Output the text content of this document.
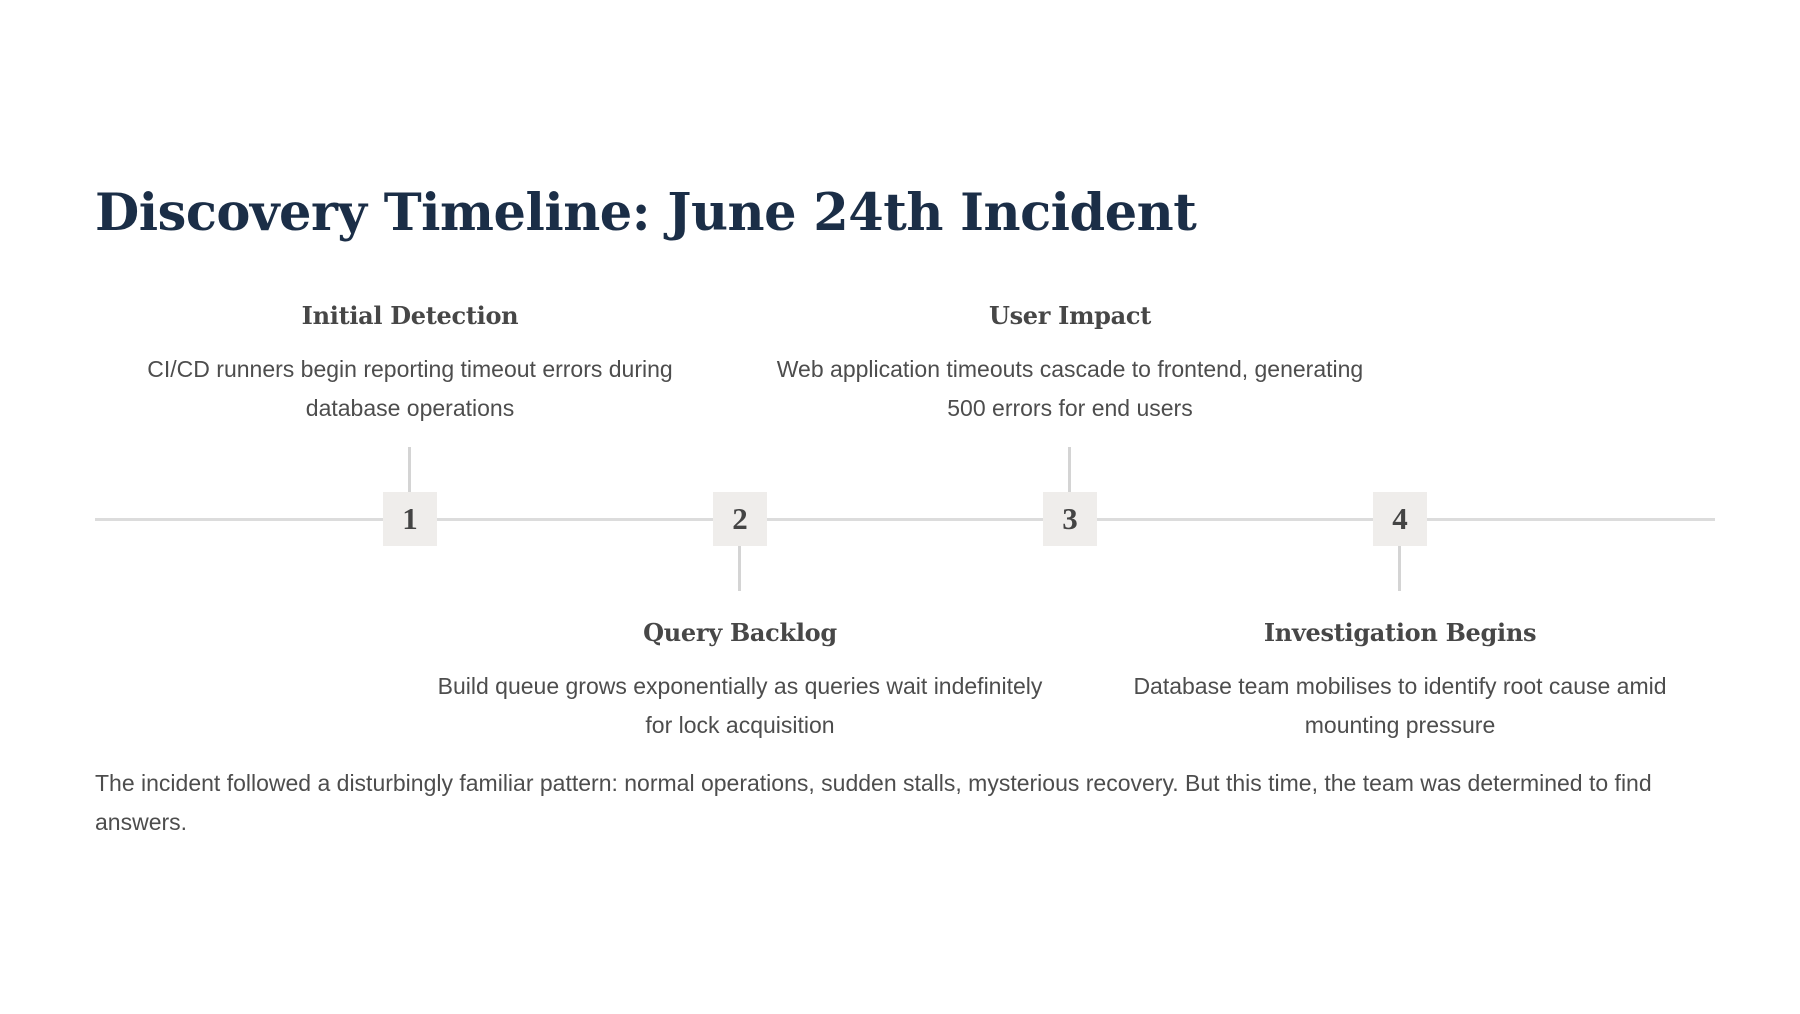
Discovery Timeline: June 24th Incident
1	2	3	4
Initial Detection

CI/CD runners begin reporting timeout errors during database operations

User Impact

Web application timeouts cascade to frontend, generating 500 errors for end users

Query Backlog

Build queue grows exponentially as queries wait indefinitely for lock acquisition

Investigation Begins

Database team mobilises to identify root cause amid mounting pressure

The incident followed a disturbingly familiar pattern: normal operations, sudden stalls, mysterious recovery. But this time, the team was determined to find answers.
